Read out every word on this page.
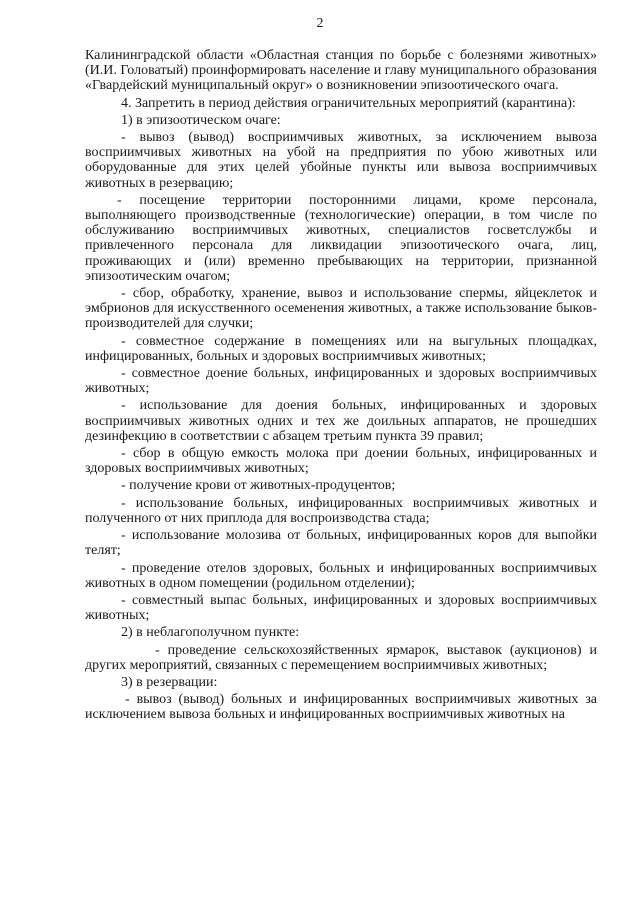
2

Калининградской области «Областная станция по борьбе с болезнями животных» (И.И. Головатый) проинформировать население и главу муниципального образования «Гвардейский муниципальный округ» о возникновении эпизоотического очага.

4. Запретить в период действия ограничительных мероприятий (карантина):

1) в эпизоотическом очаге:

- вывоз (вывод) восприимчивых животных, за исключением вывоза восприимчивых животных на убой на предприятия по убою животных или оборудованные для этих целей убойные пункты или вывоза восприимчивых животных в резервацию;

- посещение территории посторонними лицами, кроме персонала, выполняющего производственные (технологические) операции, в том числе по обслуживанию восприимчивых животных, специалистов госветслужбы и привлеченного персонала для ликвидации эпизоотического очага, лиц, проживающих и (или) временно пребывающих на территории, признанной эпизоотическим очагом;

- сбор, обработку, хранение, вывоз и использование спермы, яйцеклеток и эмбрионов для искусственного осеменения животных, а также использование быков-производителей для случки;

- совместное содержание в помещениях или на выгульных площадках, инфицированных, больных и здоровых восприимчивых животных;

- совместное доение больных, инфицированных и здоровых восприимчивых животных;

- использование для доения больных, инфицированных и здоровых восприимчивых животных одних и тех же доильных аппаратов, не прошедших дезинфекцию в соответствии с абзацем третьим пункта 39 правил;

- сбор в общую емкость молока при доении больных, инфицированных и здоровых восприимчивых животных;

- получение крови от животных-продуцентов;

- использование больных, инфицированных восприимчивых животных и полученного от них приплода для воспроизводства стада;

- использование молозива от больных, инфицированных коров для выпойки телят;

- проведение отелов здоровых, больных и инфицированных восприимчивых животных в одном помещении (родильном отделении);

- совместный выпас больных, инфицированных и здоровых восприимчивых животных;

2) в неблагополучном пункте:

- проведение сельскохозяйственных ярмарок, выставок (аукционов) и других мероприятий, связанных с перемещением восприимчивых животных;

3) в резервации:

- вывоз (вывод) больных и инфицированных восприимчивых животных за исключением вывоза больных и инфицированных восприимчивых животных на
